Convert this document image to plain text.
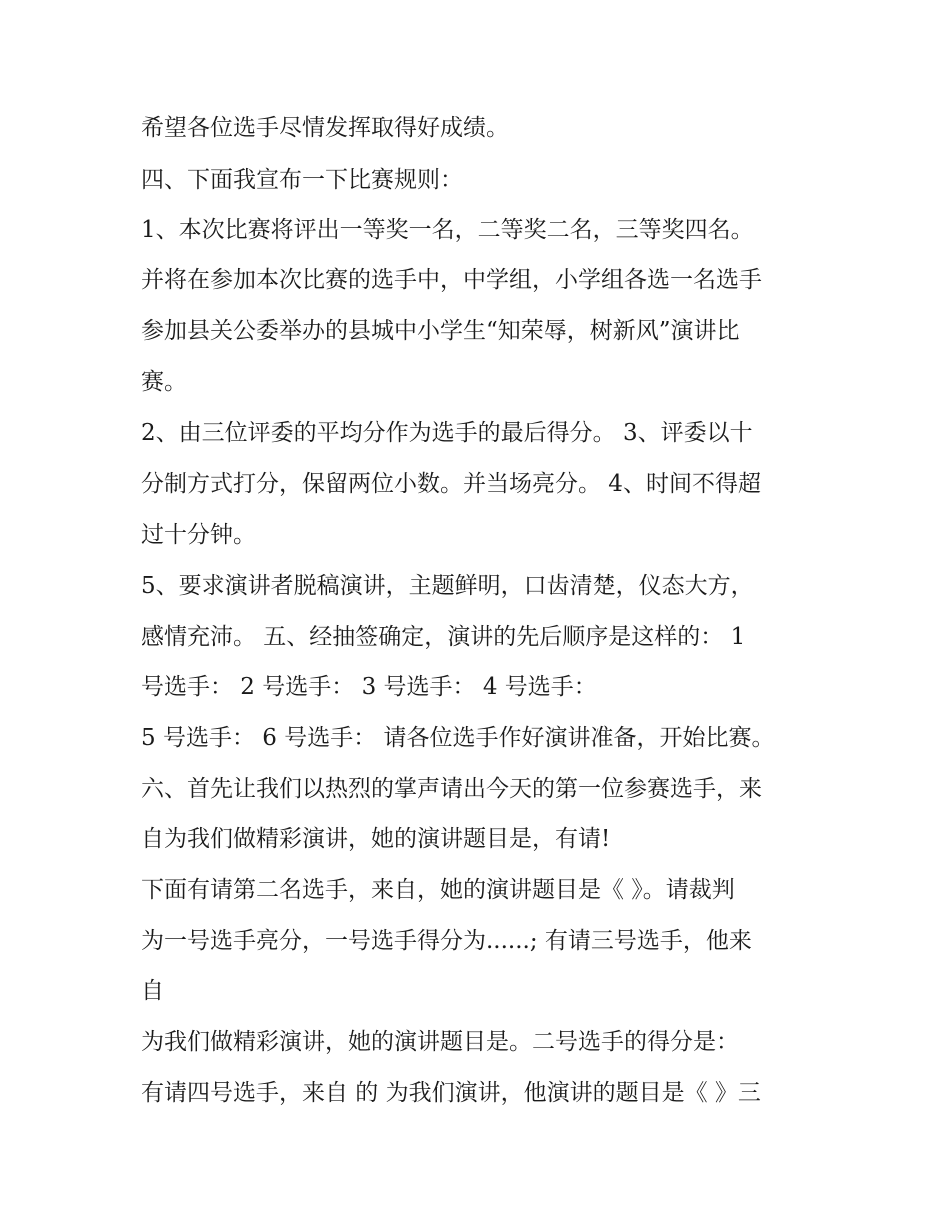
希望各位选手尽情发挥取得好成绩。

四、下面我宣布一下比赛规则：

1、本次比赛将评出一等奖一名，二等奖二名，三等奖四名。

并将在参加本次比赛的选手中，中学组，小学组各选一名选手

参加县关公委举办的县城中小学生“知荣辱，树新风”演讲比

赛。

2、由三位评委的平均分作为选手的最后得分。 3、评委以十

分制方式打分，保留两位小数。并当场亮分。 4、时间不得超

过十分钟。

5、要求演讲者脱稿演讲，主题鲜明，口齿清楚，仪态大方，

感情充沛。 五、经抽签确定，演讲的先后顺序是这样的： 1

号选手： 2 号选手： 3 号选手： 4 号选手：

5 号选手： 6 号选手： 请各位选手作好演讲准备，开始比赛。

六、首先让我们以热烈的掌声请出今天的第一位参赛选手，来

自为我们做精彩演讲，她的演讲题目是，有请!

下面有请第二名选手，来自，她的演讲题目是《 》。请裁判

为一号选手亮分，一号选手得分为......; 有请三号选手，他来

自

为我们做精彩演讲，她的演讲题目是。二号选手的得分是：

有请四号选手，来自 的 为我们演讲，他演讲的题目是《 》三
